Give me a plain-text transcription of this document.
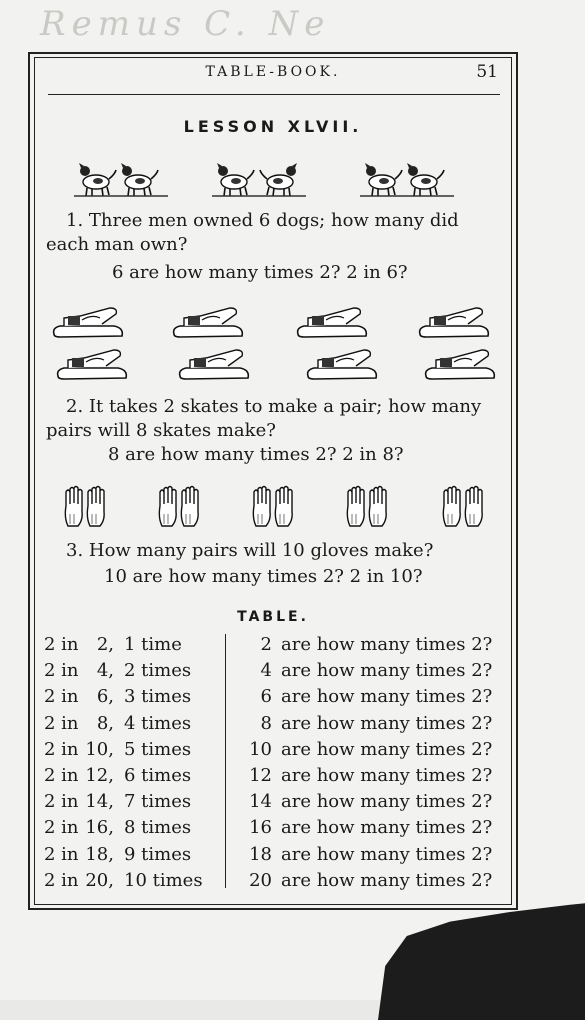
Remus C. Ne
TABLE-BOOK.	51
LESSON XLVII.
1. Three men owned 6 dogs; how many did
each man own?
6 are how many times 2? 2 in 6?
2. It takes 2 skates to make a pair; how many
pairs will 8 skates make?
8 are how many times 2? 2 in 8?
3. How many pairs will 10 gloves make?
10 are how many times 2? 2 in 10?
TABLE.
2 in	2, 1 time	2 are how many times 2?
2 in	4, 2 times	4 are how many times 2?
2 in	6, 3 times	6 are how many times 2?
2 in	8, 4 times	8 are how many times 2?
2 in 10, 5 times	10 are how many times 2?
2 in 12, 6 times	12 are how many times 2?
2 in 14, 7 times	14 are how many times 2?
2 in 16, 8 times	16 are how many times 2?
2 in 18, 9 times	18 are how many times 2?
2 in 20, 10 times	20 are how many times 2?
